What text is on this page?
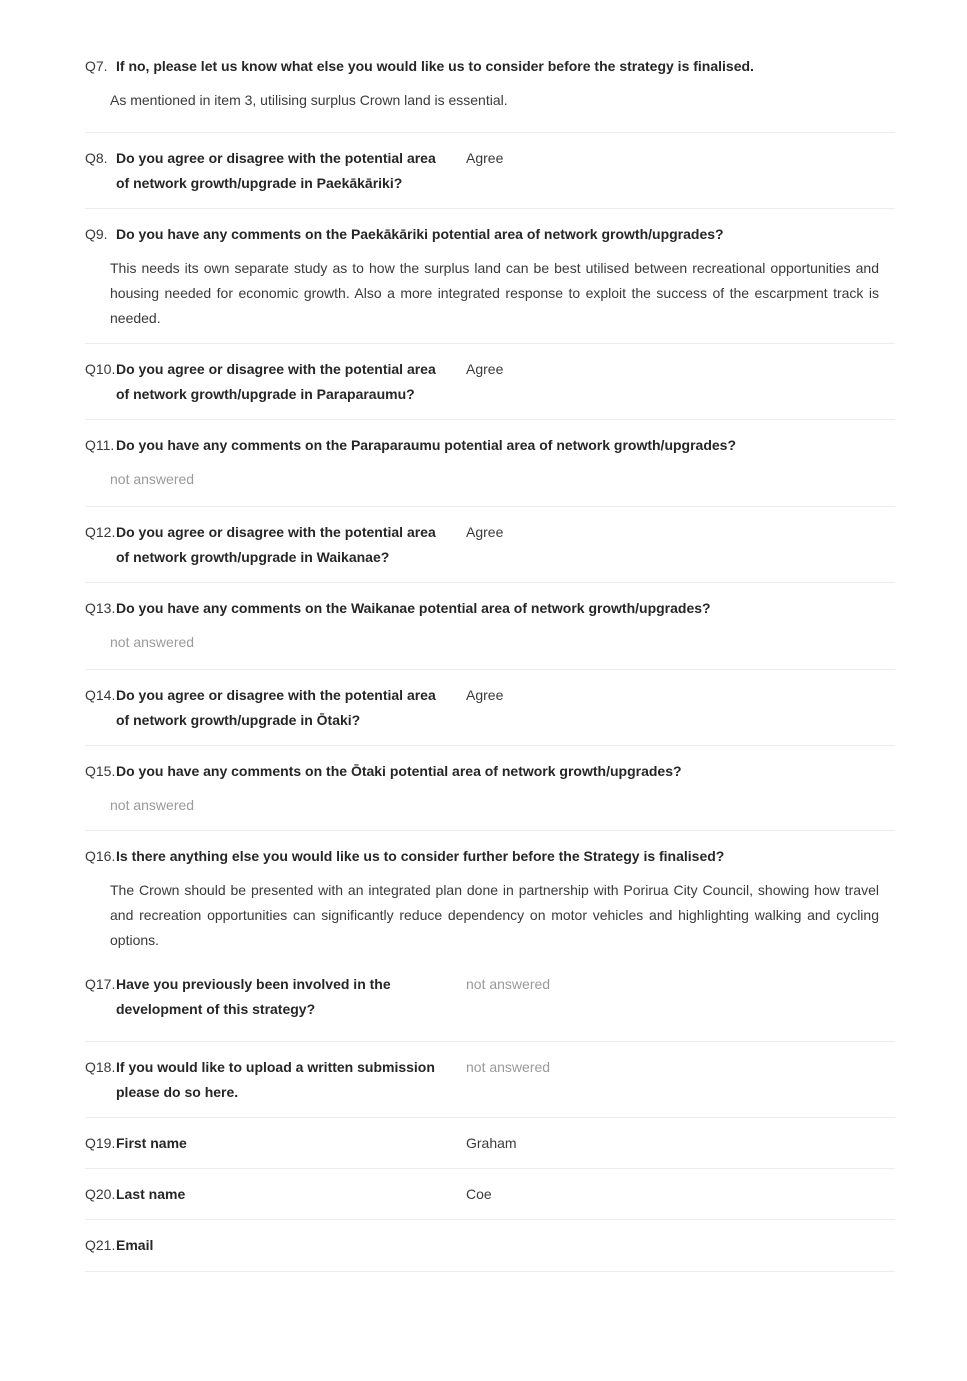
Q7. If no, please let us know what else you would like us to consider before the strategy is finalised.
As mentioned in item 3, utilising surplus Crown land is essential.
Q8. Do you agree or disagree with the potential area of network growth/upgrade in Paekākāriki?
Agree
Q9. Do you have any comments on the Paekākāriki potential area of network growth/upgrades?
This needs its own separate study as to how the surplus land can be best utilised between recreational opportunities and housing needed for economic growth. Also a more integrated response to exploit the success of the escarpment track is needed.
Q10. Do you agree or disagree with the potential area of network growth/upgrade in Paraparaumu?
Agree
Q11. Do you have any comments on the Paraparaumu potential area of network growth/upgrades?
not answered
Q12. Do you agree or disagree with the potential area of network growth/upgrade in Waikanae?
Agree
Q13. Do you have any comments on the Waikanae potential area of network growth/upgrades?
not answered
Q14. Do you agree or disagree with the potential area of network growth/upgrade in Ōtaki?
Agree
Q15. Do you have any comments on the Ōtaki potential area of network growth/upgrades?
not answered
Q16. Is there anything else you would like us to consider further before the Strategy is finalised?
The Crown should be presented with an integrated plan done in partnership with Porirua City Council, showing how travel and recreation opportunities can significantly reduce dependency on motor vehicles and highlighting walking and cycling options.
Q17. Have you previously been involved in the development of this strategy?
not answered
Q18. If you would like to upload a written submission please do so here.
not answered
Q19. First name	Graham
Q20. Last name	Coe
Q21. Email
